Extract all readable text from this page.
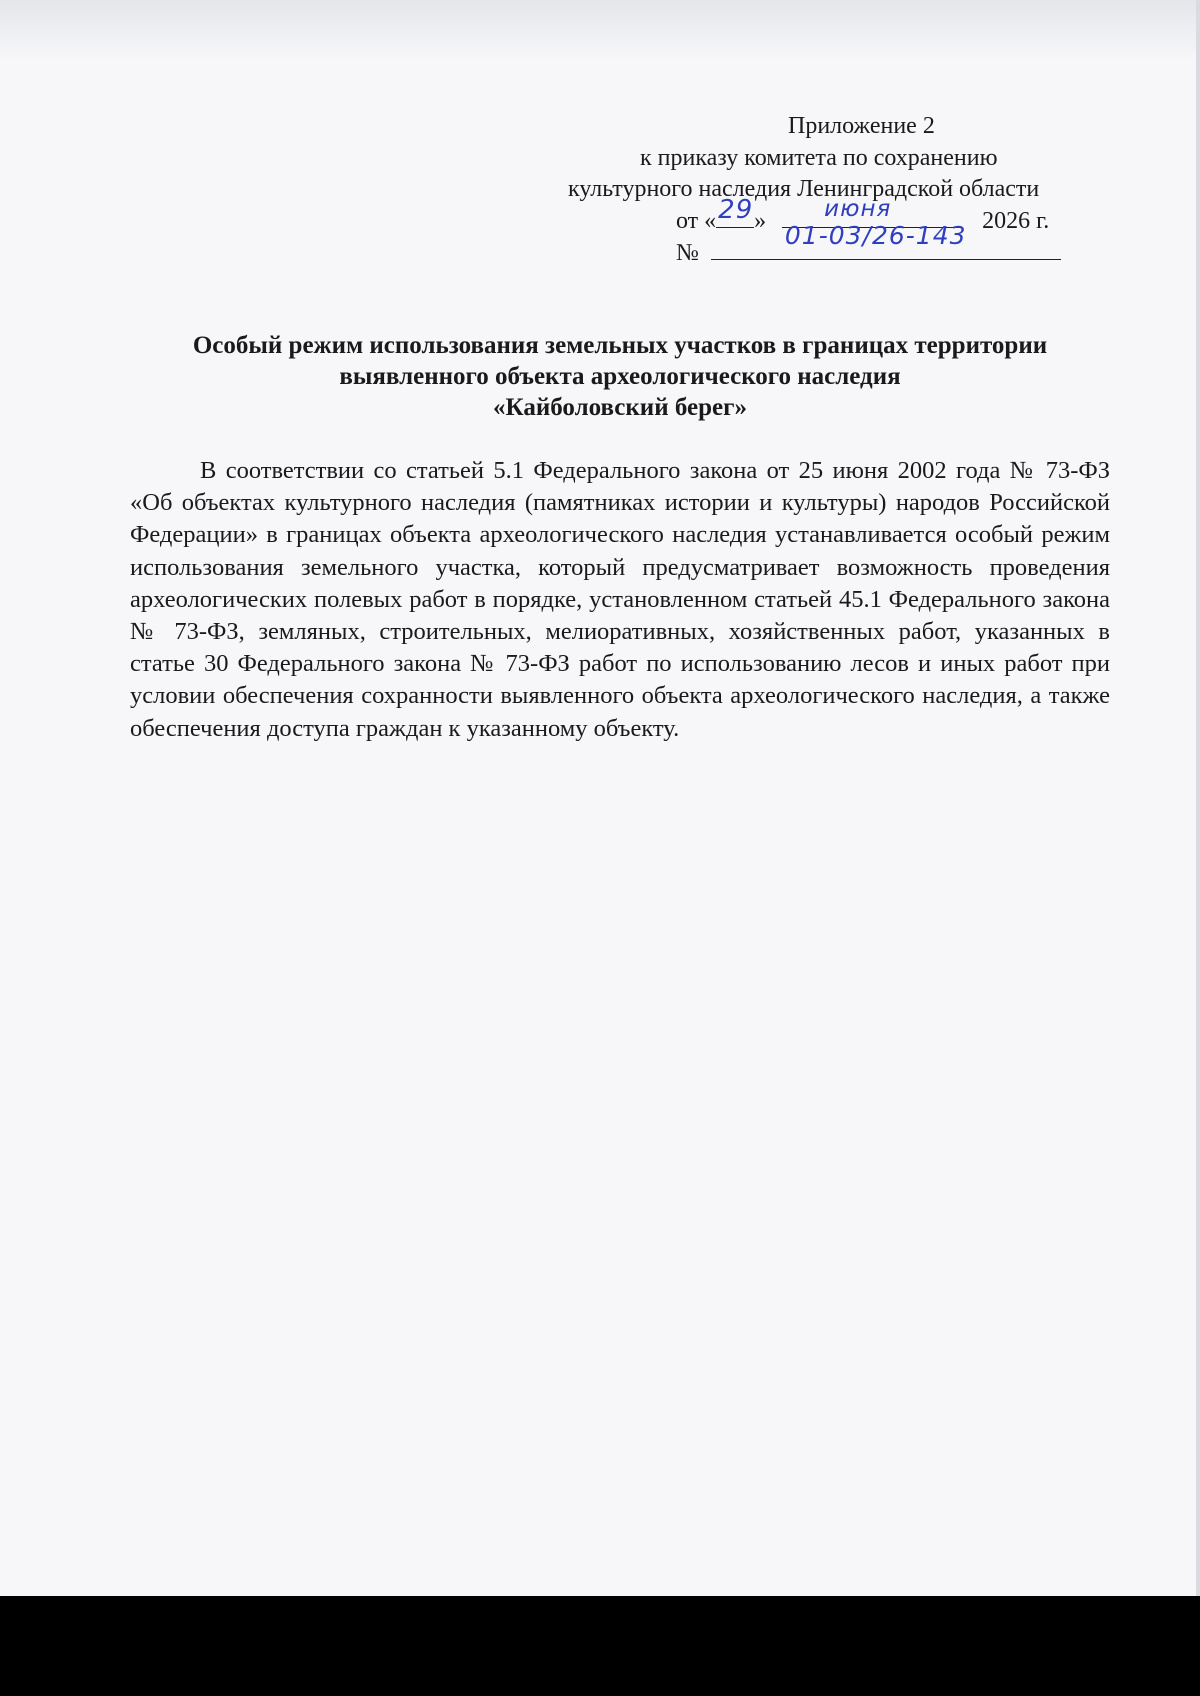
Приложение 2
к приказу комитета по сохранению
культурного наследия Ленинградской области
от « 29 »	июня	2026 г.
№
01-03/26-143
Особый режим использования земельных участков в границах территории
выявленного объекта археологического наследия
«Кайболовский берег»

В соответствии со статьей 5.1 Федерального закона от 25 июня 2002 года № 73-ФЗ «Об объектах культурного наследия (памятниках истории и культуры) народов Российской Федерации» в границах объекта археологического наследия устанавливается особый режим использования земельного участка, который предусматривает возможность проведения археологических полевых работ в порядке, установленном статьей 45.1 Федерального закона № 73-ФЗ, земляных, строительных, мелиоративных, хозяйственных работ, указанных в статье 30 Федерального закона № 73-ФЗ работ по использованию лесов и иных работ при условии обеспечения сохранности выявленного объекта археологического наследия, а также обеспечения доступа граждан к указанному объекту.
